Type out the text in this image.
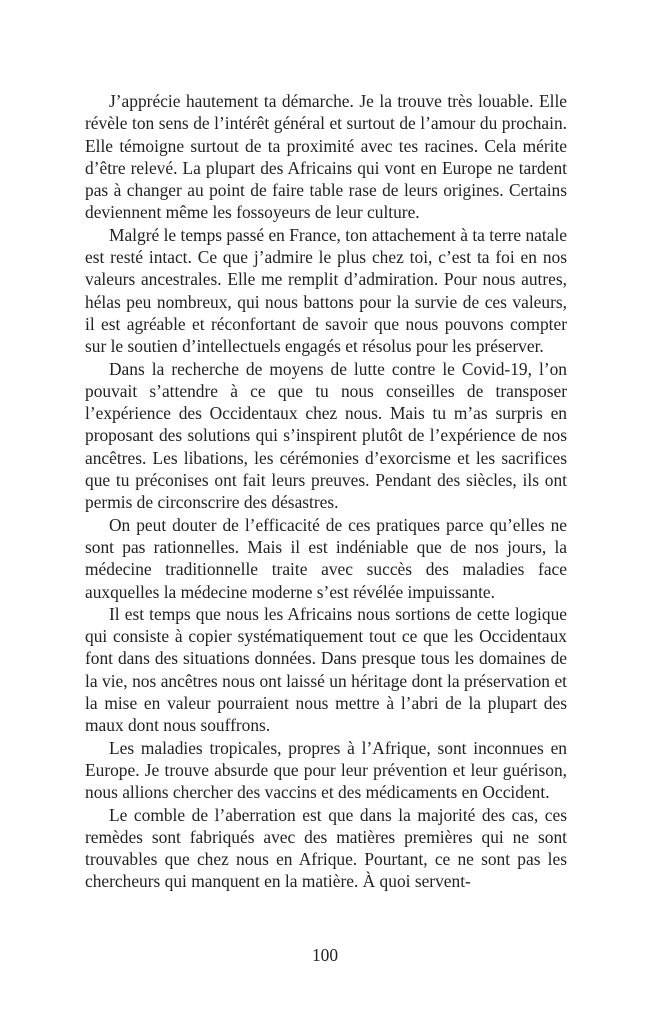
J’apprécie hautement ta démarche. Je la trouve très louable. Elle révèle ton sens de l’intérêt général et surtout de l’amour du prochain. Elle témoigne surtout de ta proximité avec tes racines. Cela mérite d’être relevé. La plupart des Africains qui vont en Europe ne tardent pas à changer au point de faire table rase de leurs origines. Certains deviennent même les fossoyeurs de leur culture.

Malgré le temps passé en France, ton attachement à ta terre natale est resté intact. Ce que j’admire le plus chez toi, c’est ta foi en nos valeurs ancestrales. Elle me remplit d’admiration. Pour nous autres, hélas peu nombreux, qui nous battons pour la survie de ces valeurs, il est agréable et réconfortant de savoir que nous pouvons compter sur le soutien d’intellectuels engagés et résolus pour les préserver.

Dans la recherche de moyens de lutte contre le Covid-19, l’on pouvait s’attendre à ce que tu nous conseilles de transposer l’expérience des Occidentaux chez nous. Mais tu m’as surpris en proposant des solutions qui s’inspirent plutôt de l’expérience de nos ancêtres. Les libations, les cérémonies d’exorcisme et les sacrifices que tu préconises ont fait leurs preuves. Pendant des siècles, ils ont permis de circonscrire des désastres.

On peut douter de l’efficacité de ces pratiques parce qu’elles ne sont pas rationnelles. Mais il est indéniable que de nos jours, la médecine traditionnelle traite avec succès des maladies face auxquelles la médecine moderne s’est révélée impuissante.

Il est temps que nous les Africains nous sortions de cette logique qui consiste à copier systématiquement tout ce que les Occidentaux font dans des situations données. Dans presque tous les domaines de la vie, nos ancêtres nous ont laissé un héritage dont la préservation et la mise en valeur pourraient nous mettre à l’abri de la plupart des maux dont nous souffrons.

Les maladies tropicales, propres à l’Afrique, sont inconnues en Europe. Je trouve absurde que pour leur prévention et leur guérison, nous allions chercher des vaccins et des médicaments en Occident.

Le comble de l’aberration est que dans la majorité des cas, ces remèdes sont fabriqués avec des matières premières qui ne sont trouvables que chez nous en Afrique. Pourtant, ce ne sont pas les chercheurs qui manquent en la matière. À quoi servent-

100
